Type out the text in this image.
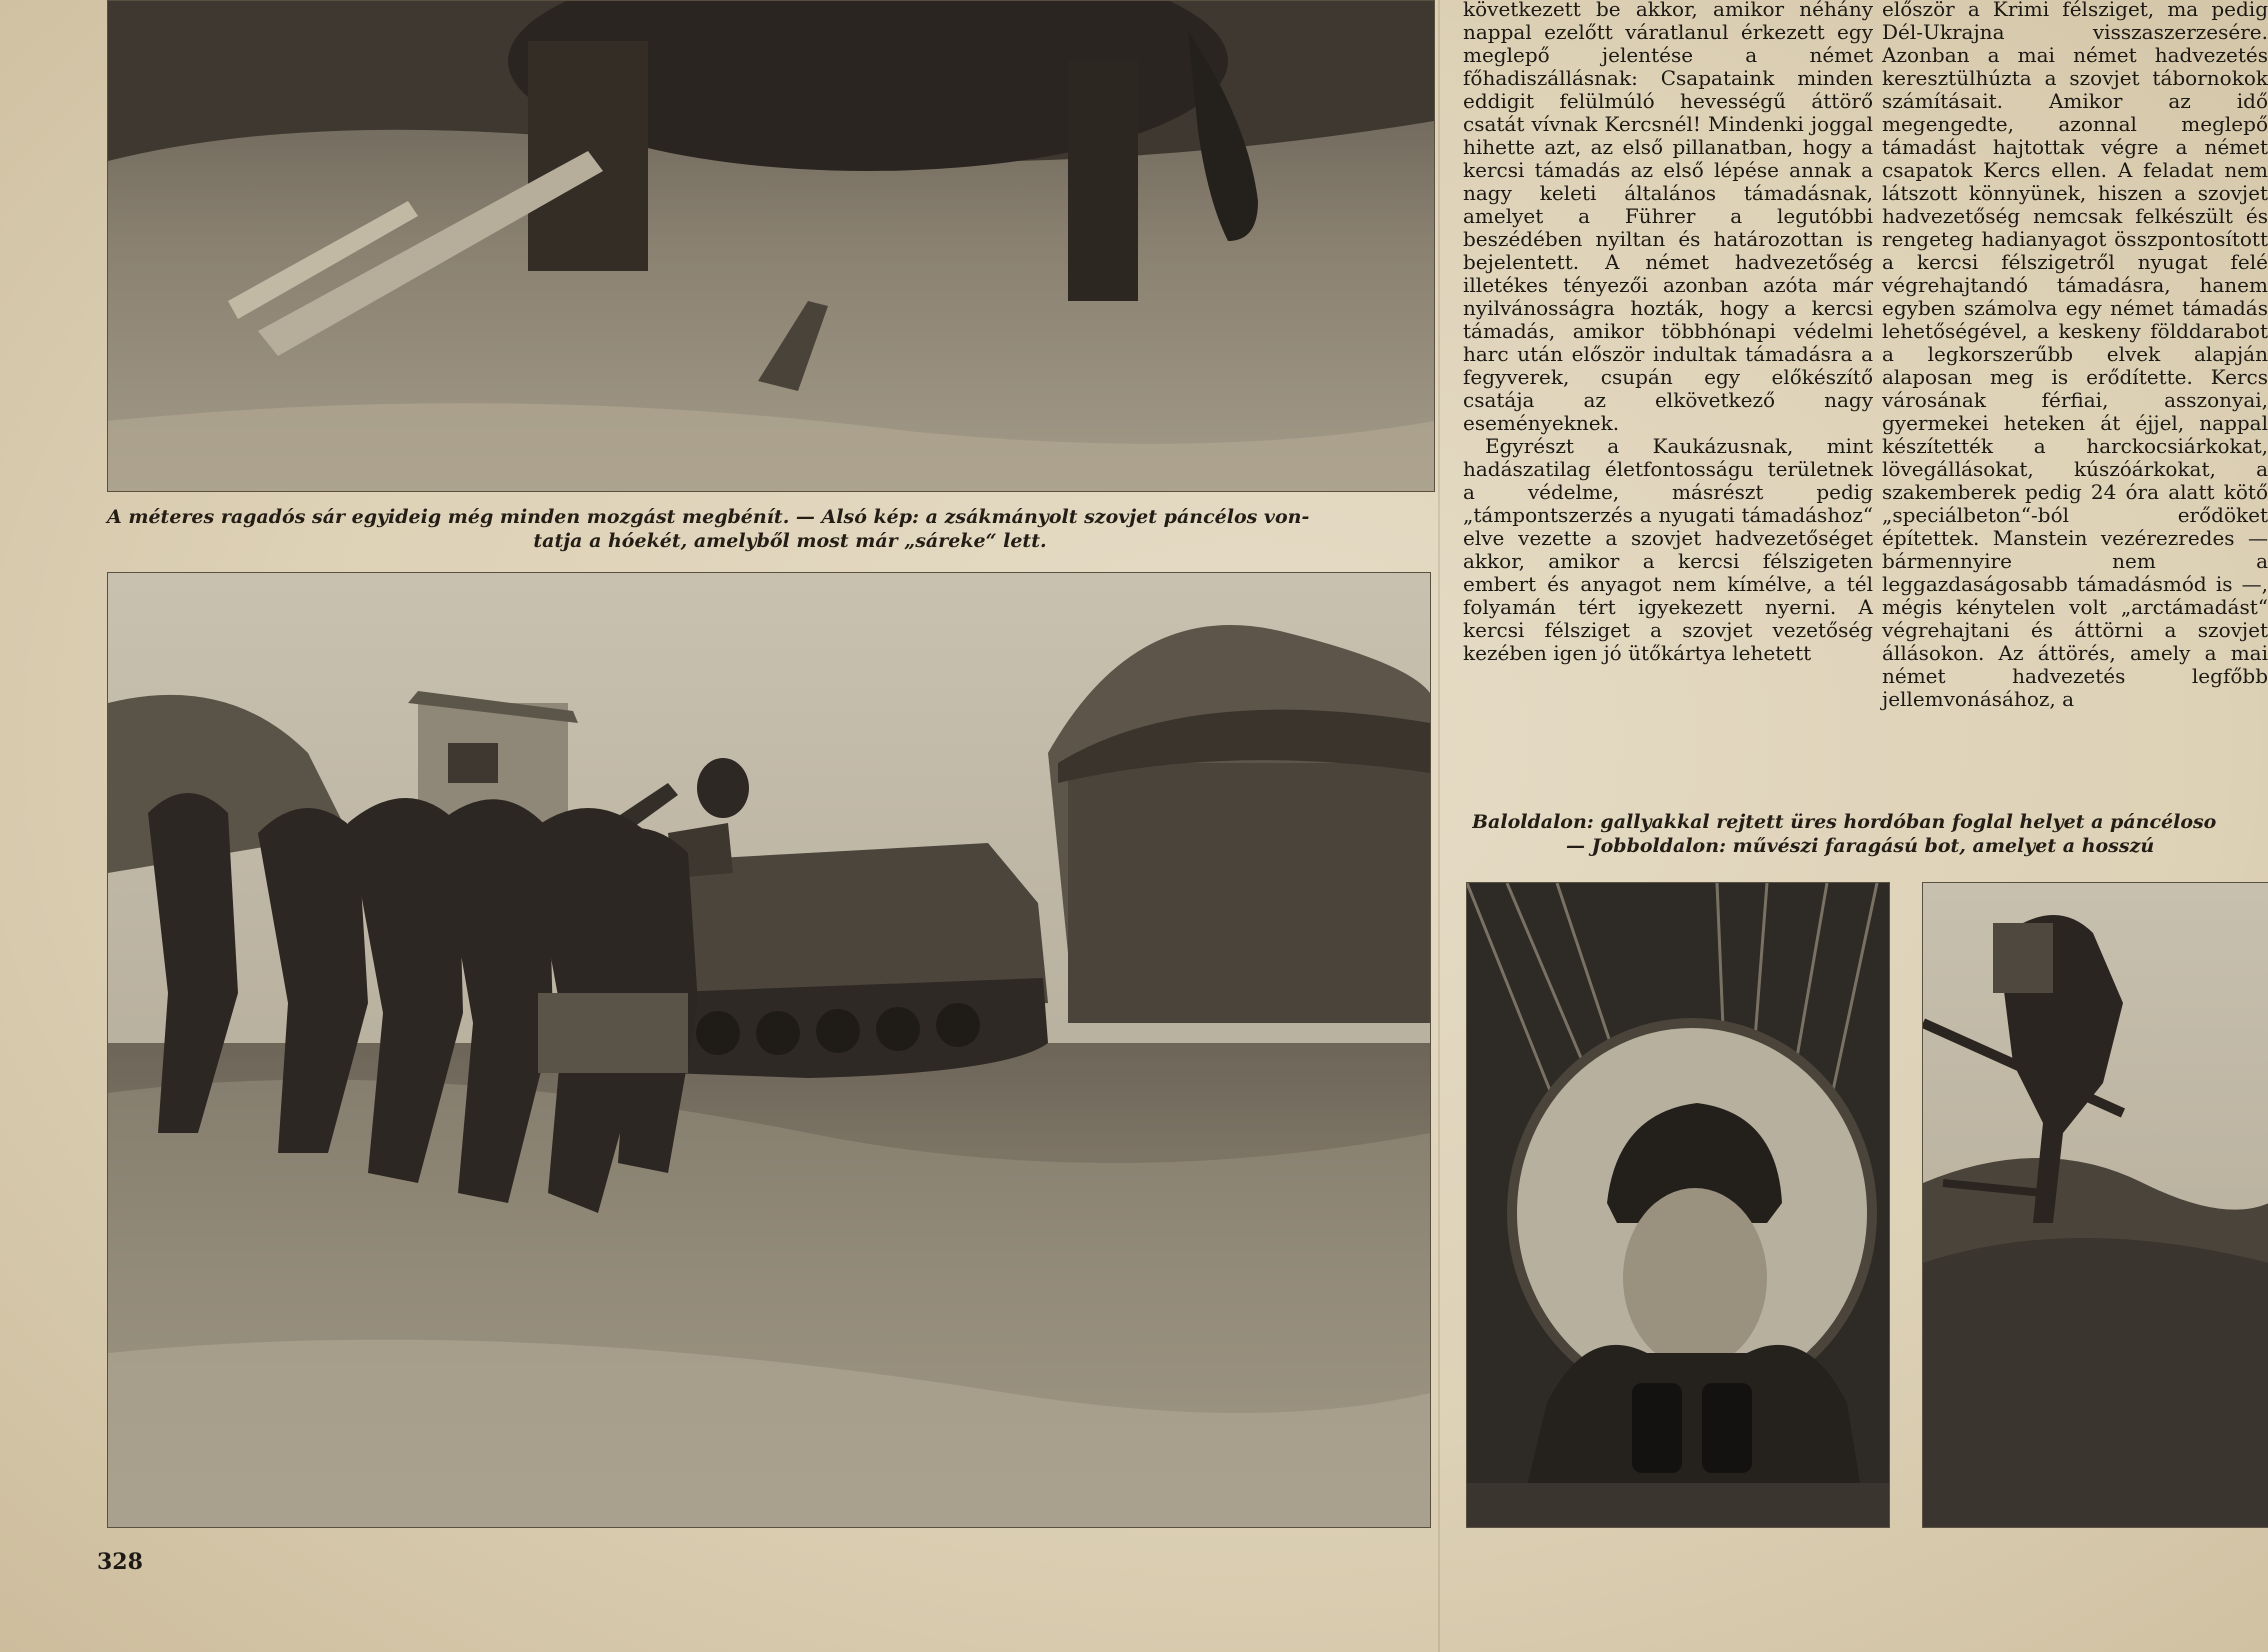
A méteres ragadós sár egyideig még minden mozgást megbénít. — Alsó kép: a zsákmányolt szovjet páncélos von-
tatja a hóekét, amelyből most már „sáreke“ lett.

következett be akkor, amikor néhány nappal ezelőtt váratlanul érkezett egy meglepő jelentése a német főhadiszállásnak: Csapataink minden eddigit felülmúló hevességű áttörő csatát vívnak Kercsnél! Mindenki joggal hihette azt, az első pillanatban, hogy a kercsi támadás az első lépése annak a nagy keleti általános támadásnak, amelyet a Führer a legutóbbi beszédében nyiltan és határozottan is bejelentett. A német hadvezetőség illetékes tényezői azonban azóta már nyilvánosságra hozták, hogy a kercsi támadás, amikor többhónapi védelmi harc után először indultak támadásra a fegyverek, csupán egy előkészítő csatája az elkövetkező nagy eseményeknek.

Egyrészt a Kaukázusnak, mint hadászatilag életfontosságu területnek a védelme, másrészt pedig „támpontszerzés a nyugati támadáshoz“ elve vezette a szovjet hadvezetőséget akkor, amikor a kercsi félszigeten embert és anyagot nem kímélve, a tél folyamán tért igyekezett nyerni. A kercsi félsziget a szovjet vezetőség kezében igen jó ütőkártya lehetett

először a Krimi félsziget, ma pedig Dél-Ukrajna visszaszerzesére. Azonban a mai német hadvezetés keresztülhúzta a szovjet tábornokok számításait. Amikor az idő megengedte, azonnal meglepő támadást hajtottak végre a német csapatok Kercs ellen. A feladat nem látszott könnyünek, hiszen a szovjet hadvezetőség nemcsak felkészült és rengeteg hadianyagot összpontosított a kercsi félszigetről nyugat felé végrehajtandó támadásra, hanem egyben számolva egy német támadás lehetőségével, a keskeny földdarabot a legkorszerűbb elvek alapján alaposan meg is erődítette. Kercs városának férfiai, asszonyai, gyermekei heteken át éjjel, nappal készítették a harckocsiárkokat, lövegállásokat, kúszóárkokat, a szakemberek pedig 24 óra alatt kötő „speciálbeton“-ból erődöket építettek. Manstein vezérezredes — bármennyire nem a leggazdaságosabb támadásmód is —, mégis kénytelen volt „arctámadást“ végrehajtani és áttörni a szovjet állásokon. Az áttörés, amely a mai német hadvezetés legfőbb jellemvonásához, a

Baloldalon: gallyakkal rejtett üres hordóban foglal helyet a páncéloso
— Jobboldalon: művészi faragású bot, amelyet a hosszú
328
